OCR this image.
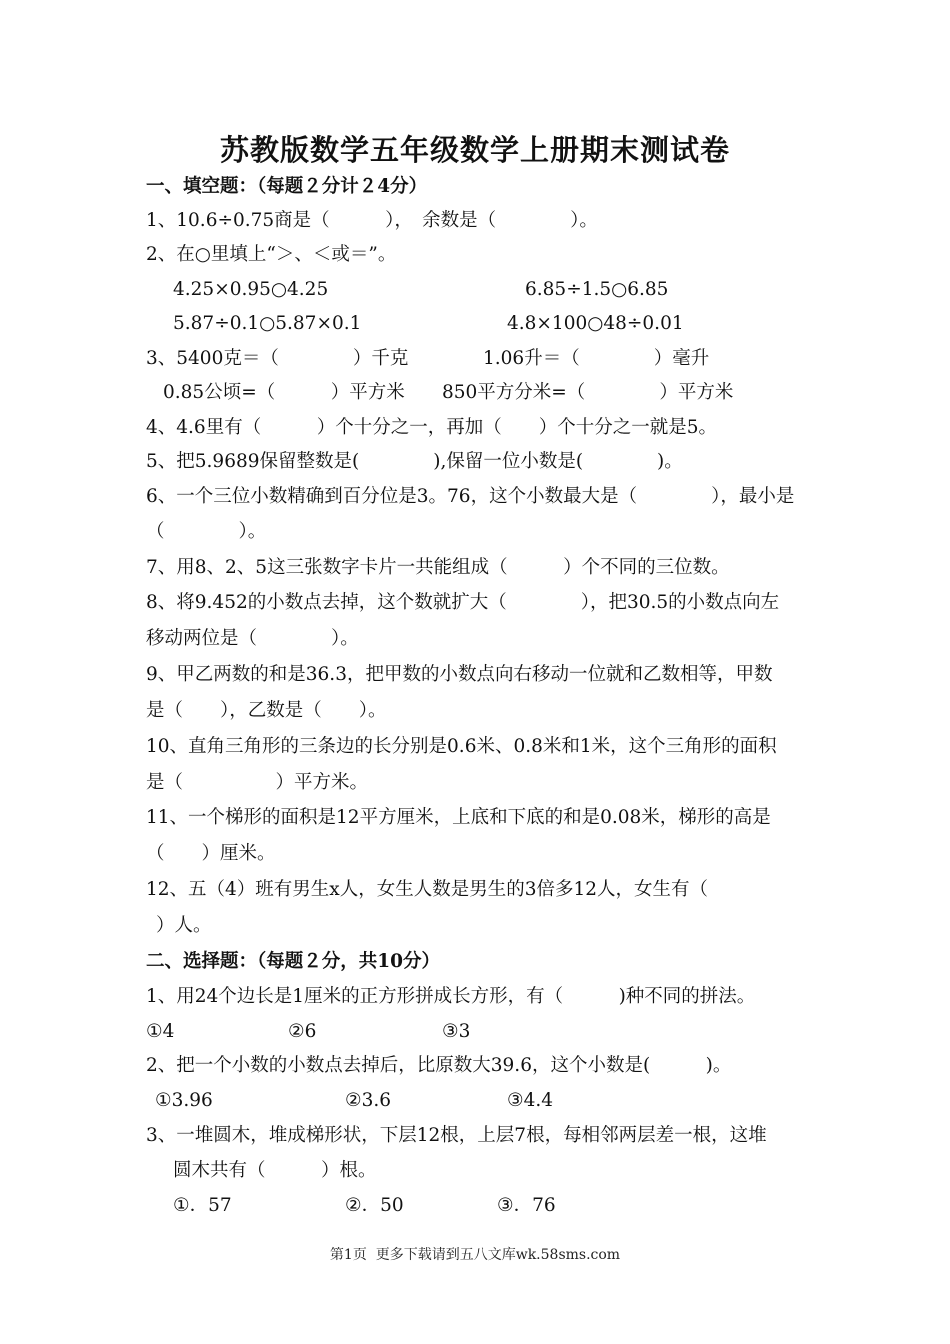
苏教版数学五年级数学上册期末测试卷
一、填空题：（每题２分计２4分）
1、10.6÷0.75商是（　　　），　余数是（　　　　）。
2、在○里填上“＞、＜或＝”。
4.25×0.95○4.25	6.85÷1.5○6.85
5.87÷0.1○5.87×0.1	4.8×100○48÷0.01
3、5400克＝（　　　　）千克	1.06升＝（　　　　）毫升
0.85公顷=（　　　）平方米 850平方分米=（　　　　）平方米
4、4.6里有（　　　）个十分之一，再加（　　）个十分之一就是5。
5、把5.9689保留整数是(　　　　),保留一位小数是(　　　　)。
6、一个三位小数精确到百分位是3。76，这个小数最大是（　　　　），最小是
（　　　　）。
7、用8、2、5这三张数字卡片一共能组成（　　　）个不同的三位数。
8、将9.452的小数点去掉，这个数就扩大（　　　　），把30.5的小数点向左
移动两位是（　　　　）。
9、甲乙两数的和是36.3，把甲数的小数点向右移动一位就和乙数相等，甲数
是（　　），乙数是（　　）。
10、直角三角形的三条边的长分别是0.6米、0.8米和1米，这个三角形的面积
是（　　　　　）平方米。
11、一个梯形的面积是12平方厘米，上底和下底的和是0.08米，梯形的高是
（　　）厘米。
12、五（4）班有男生x人，女生人数是男生的3倍多12人，女生有（
）人。
二、选择题：（每题２分，共10分）
1、用24个边长是1厘米的正方形拼成长方形，有（　　　)种不同的拼法。
①4	②6	③3
2、把一个小数的小数点去掉后，比原数大39.6，这个小数是(　　　)。
①3.96	②3.6	③4.4
3、一堆圆木，堆成梯形状，下层12根，上层7根，每相邻两层差一根，这堆
圆木共有（　　　）根。
①．57	②．50	③．76
第1页  更多下载请到五八文库wk.58sms.com
